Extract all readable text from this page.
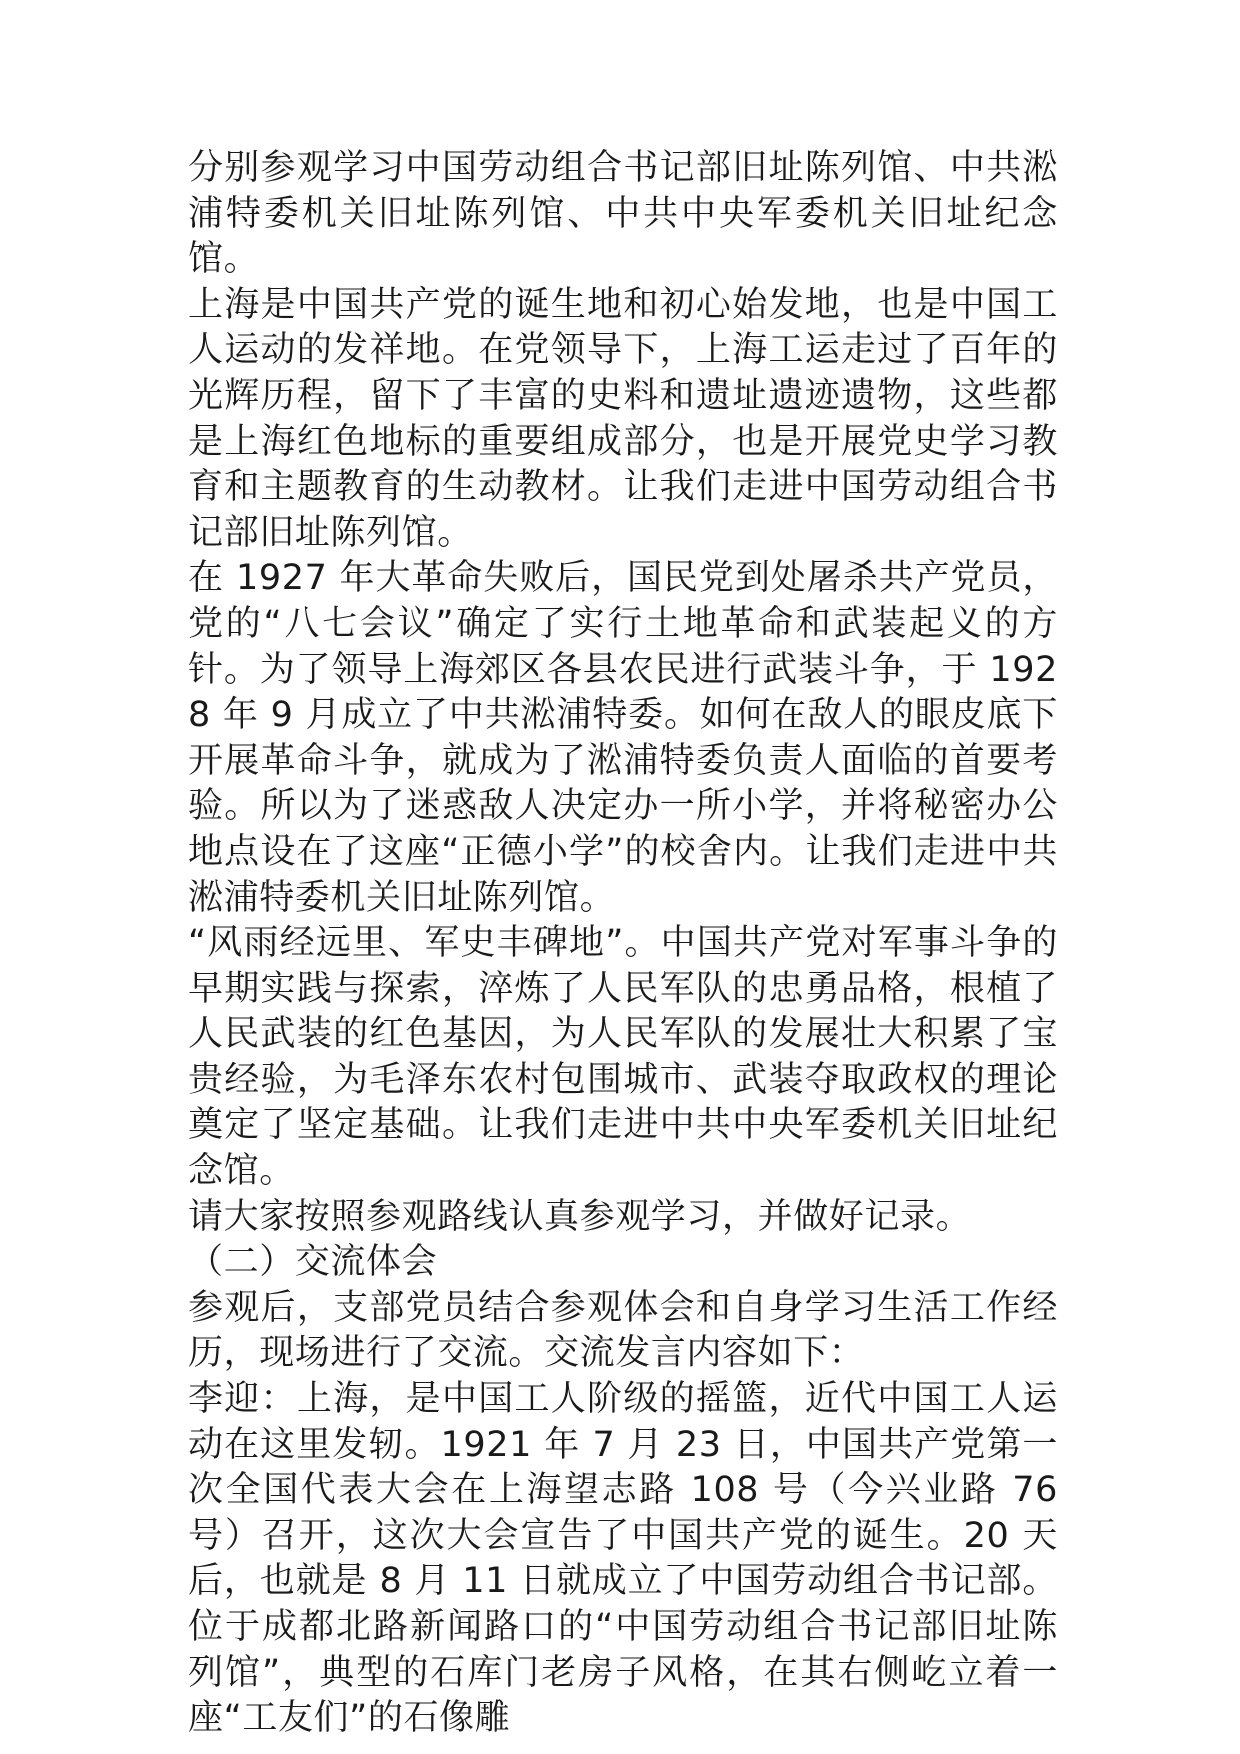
分别参观学习中国劳动组合书记部旧址陈列馆、中共淞浦特委机关旧址陈列馆、中共中央军委机关旧址纪念馆。

上海是中国共产党的诞生地和初心始发地，也是中国工人运动的发祥地。在党领导下，上海工运走过了百年的光辉历程，留下了丰富的史料和遗址遗迹遗物，这些都是上海红色地标的重要组成部分，也是开展党史学习教育和主题教育的生动教材。让我们走进中国劳动组合书记部旧址陈列馆。

在 1927 年大革命失败后，国民党到处屠杀共产党员，党的“八七会议”确定了实行土地革命和武装起义的方针。为了领导上海郊区各县农民进行武装斗争，于 1928 年 9 月成立了中共淞浦特委。如何在敌人的眼皮底下开展革命斗争，就成为了淞浦特委负责人面临的首要考验。所以为了迷惑敌人决定办一所小学，并将秘密办公地点设在了这座“正德小学”的校舍内。让我们走进中共淞浦特委机关旧址陈列馆。

“风雨经远里、军史丰碑地”。中国共产党对军事斗争的早期实践与探索，淬炼了人民军队的忠勇品格，根植了人民武装的红色基因，为人民军队的发展壮大积累了宝贵经验，为毛泽东农村包围城市、武装夺取政权的理论奠定了坚定基础。让我们走进中共中央军委机关旧址纪念馆。

请大家按照参观路线认真参观学习，并做好记录。

（二）交流体会

参观后，支部党员结合参观体会和自身学习生活工作经历，现场进行了交流。交流发言内容如下：

李迎：上海，是中国工人阶级的摇篮，近代中国工人运动在这里发轫。1921 年 7 月 23 日，中国共产党第一次全国代表大会在上海望志路 108 号（今兴业路 76 号）召开，这次大会宣告了中国共产党的诞生。20 天后，也就是 8 月 11 日就成立了中国劳动组合书记部。 位于成都北路新闻路口的“中国劳动组合书记部旧址陈列馆”，典型的石库门老房子风格，在其右侧屹立着一座“工友们”的石像雕
